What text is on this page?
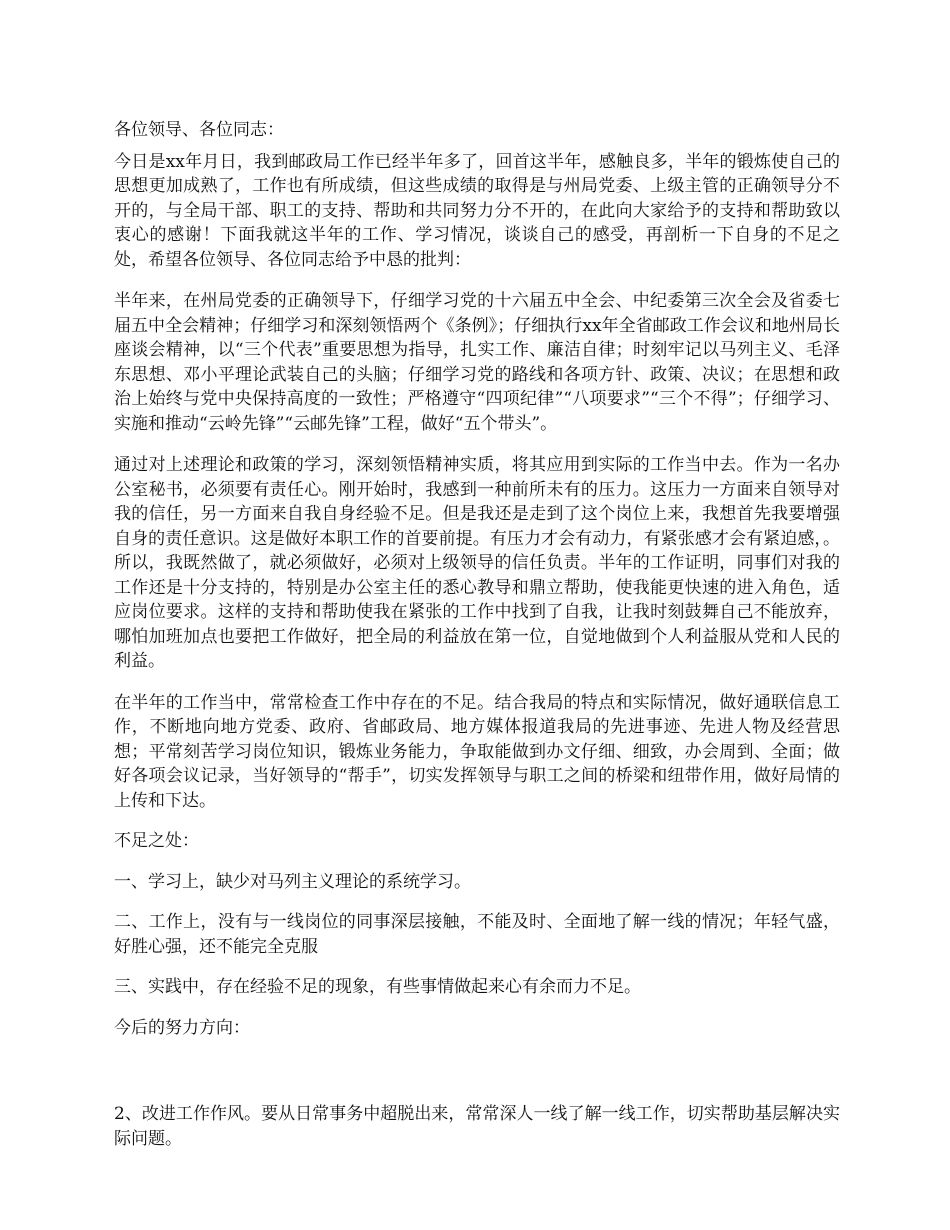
各位领导、各位同志：

今日是xx年月日，我到邮政局工作已经半年多了，回首这半年，感触良多，半年的锻炼使自己的思想更加成熟了，工作也有所成绩，但这些成绩的取得是与州局党委、上级主管的正确领导分不开的，与全局干部、职工的支持、帮助和共同努力分不开的，在此向大家给予的支持和帮助致以衷心的感谢！下面我就这半年的工作、学习情况，谈谈自己的感受，再剖析一下自身的不足之处，希望各位领导、各位同志给予中恳的批判：

半年来，在州局党委的正确领导下，仔细学习党的十六届五中全会、中纪委第三次全会及省委七届五中全会精神；仔细学习和深刻领悟两个《条例》；仔细执行xx年全省邮政工作会议和地州局长座谈会精神，以“三个代表”重要思想为指导，扎实工作、廉洁自律；时刻牢记以马列主义、毛泽东思想、邓小平理论武装自己的头脑；仔细学习党的路线和各项方针、政策、决议；在思想和政治上始终与党中央保持高度的一致性；严格遵守“四项纪律”“八项要求”“三个不得”；仔细学习、实施和推动“云岭先锋”“云邮先锋”工程，做好“五个带头”。

通过对上述理论和政策的学习，深刻领悟精神实质，将其应用到实际的工作当中去。作为一名办公室秘书，必须要有责任心。刚开始时，我感到一种前所未有的压力。这压力一方面来自领导对我的信任，另一方面来自我自身经验不足。但是我还是走到了这个岗位上来，我想首先我要增强自身的责任意识。这是做好本职工作的首要前提。有压力才会有动力，有紧张感才会有紧迫感，。所以，我既然做了，就必须做好，必须对上级领导的信任负责。半年的工作证明，同事们对我的工作还是十分支持的，特别是办公室主任的悉心教导和鼎立帮助，使我能更快速的进入角色，适应岗位要求。这样的支持和帮助使我在紧张的工作中找到了自我，让我时刻鼓舞自己不能放弃，哪怕加班加点也要把工作做好，把全局的利益放在第一位，自觉地做到个人利益服从党和人民的利益。

在半年的工作当中，常常检查工作中存在的不足。结合我局的特点和实际情况，做好通联信息工作，不断地向地方党委、政府、省邮政局、地方媒体报道我局的先进事迹、先进人物及经营思想；平常刻苦学习岗位知识，锻炼业务能力，争取能做到办文仔细、细致，办会周到、全面；做好各项会议记录，当好领导的“帮手”，切实发挥领导与职工之间的桥梁和纽带作用，做好局情的上传和下达。

不足之处：

一、学习上，缺少对马列主义理论的系统学习。

二、工作上，没有与一线岗位的同事深层接触，不能及时、全面地了解一线的情况；年轻气盛，好胜心强，还不能完全克服

三、实践中，存在经验不足的现象，有些事情做起来心有余而力不足。

今后的努力方向：

2、改进工作作风。要从日常事务中超脱出来，常常深人一线了解一线工作，切实帮助基层解决实际问题。
